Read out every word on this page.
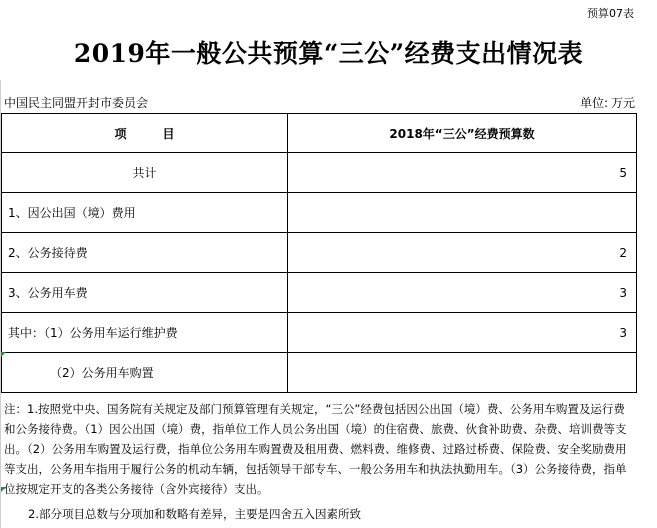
预算07表
2019年一般公共预算“三公”经费支出情况表
中国民主同盟开封市委员会	单位: 万元
项　　　目	2018年“三公”经费预算数
共计	5
1、因公出国（境）费用	
2、公务接待费	2
3、公务用车费	3
其中：（1）公务用车运行维护费	3
（2）公务用车购置	

注：1.按照党中央、国务院有关规定及部门预算管理有关规定，“三公”经费包括因公出国（境）费、公务用车购置及运行费和公务接待费。（1）因公出国（境）费，指单位工作人员公务出国（境）的住宿费、旅费、伙食补助费、杂费、培训费等支出。（2）公务用车购置及运行费，指单位公务用车购置费及租用费、燃料费、维修费、过路过桥费、保险费、安全奖励费用等支出，公务用车指用于履行公务的机动车辆，包括领导干部专车、一般公务用车和执法执勤用车。（3）公务接待费，指单位按规定开支的各类公务接待（含外宾接待）支出。

2.部分项目总数与分项加和数略有差异，主要是四舍五入因素所致
